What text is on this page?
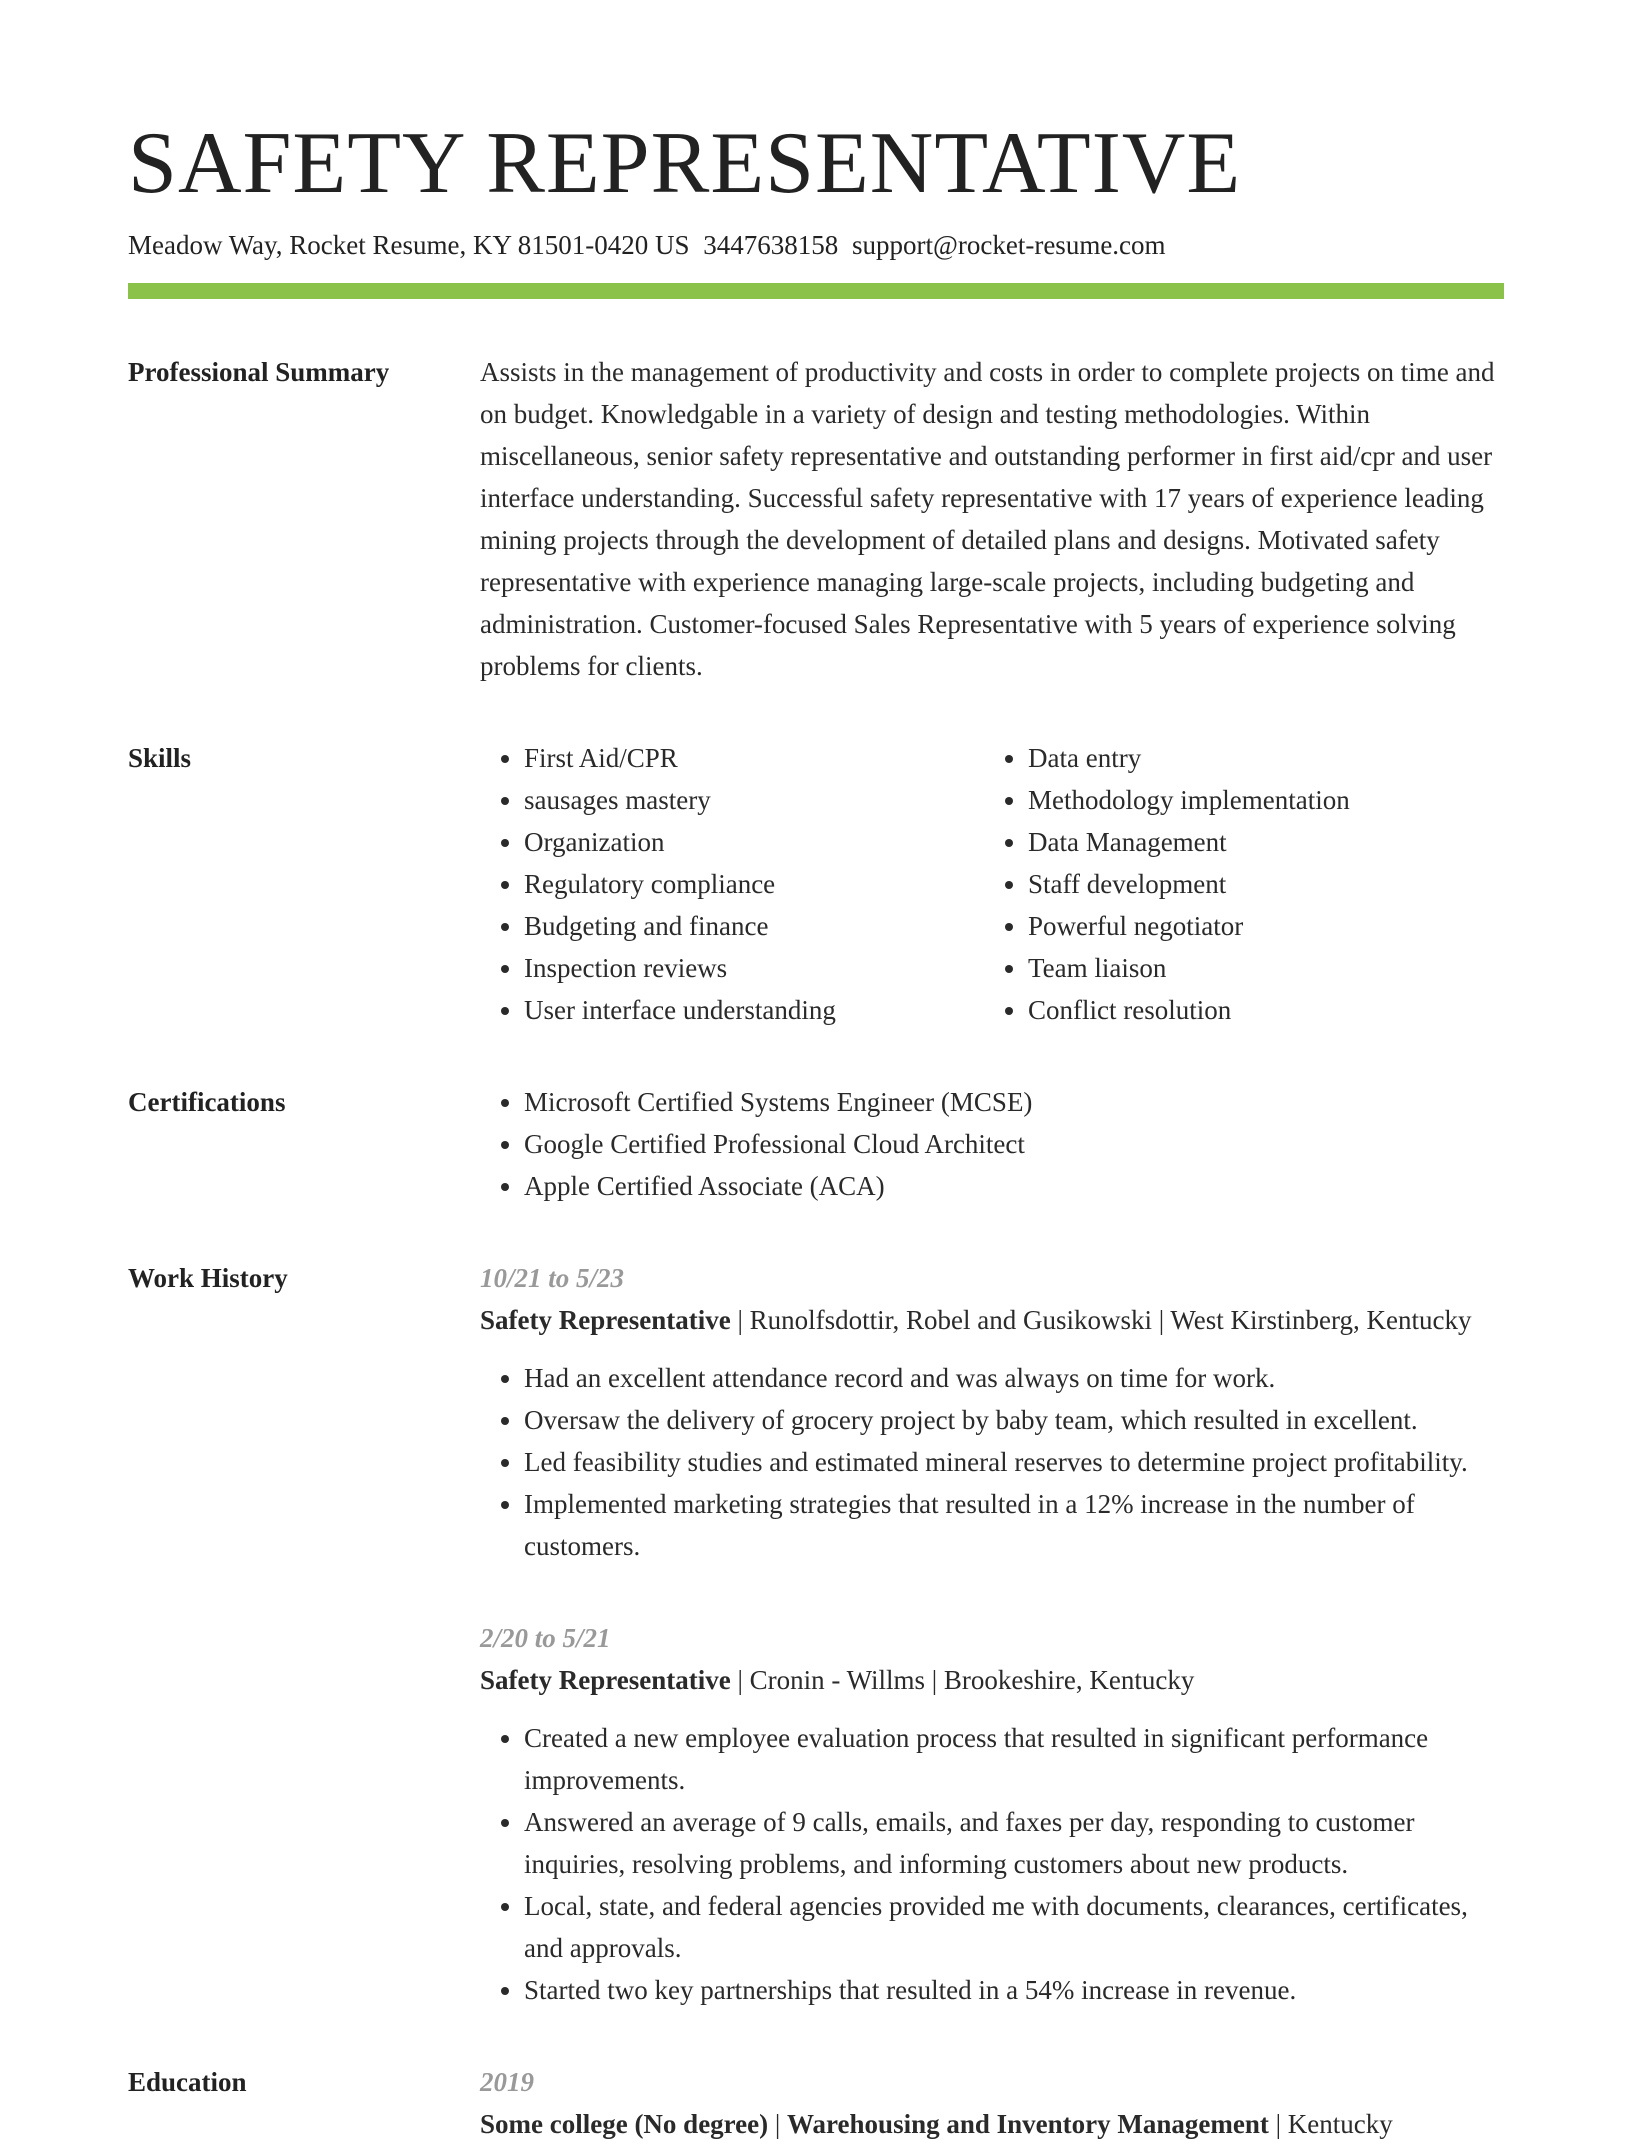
SAFETY REPRESENTATIVE
Meadow Way, Rocket Resume, KY 81501-0420 US 3447638158 support@rocket-resume.com
Professional Summary	Assists in the management of productivity and costs in order to complete projects on time and on budget. Knowledgable in a variety of design and testing methodologies. Within miscellaneous, senior safety representative and outstanding performer in first aid/cpr and user interface understanding. Successful safety representative with 17 years of experience leading mining projects through the development of detailed plans and designs. Motivated safety representative with experience managing large-scale projects, including budgeting and administration. Customer-focused Sales Representative with 5 years of experience solving problems for clients.

Skills	• First Aid/CPR
• sausages mastery
• Organization
• Regulatory compliance
• Budgeting and finance
• Inspection reviews
• User interface understanding
• Data entry
• Methodology implementation
• Data Management
• Staff development
• Powerful negotiator
• Team liaison
• Conflict resolution
Certifications	• Microsoft Certified Systems Engineer (MCSE)
• Google Certified Professional Cloud Architect
• Apple Certified Associate (ACA)
Work History	10/21 to 5/23
Safety Representative | Runolfsdottir, Robel and Gusikowski | West Kirstinberg, Kentucky
• Had an excellent attendance record and was always on time for work.
• Oversaw the delivery of grocery project by baby team, which resulted in excellent.
• Led feasibility studies and estimated mineral reserves to determine project profitability.
• Implemented marketing strategies that resulted in a 12% increase in the number of customers.
2/20 to 5/21
Safety Representative | Cronin - Willms | Brookeshire, Kentucky
• Created a new employee evaluation process that resulted in significant performance improvements.
• Answered an average of 9 calls, emails, and faxes per day, responding to customer inquiries, resolving problems, and informing customers about new products.
• Local, state, and federal agencies provided me with documents, clearances, certificates, and approvals.
• Started two key partnerships that resulted in a 54% increase in revenue.
Education	2019
Some college (No degree) | Warehousing and Inventory Management | Kentucky
